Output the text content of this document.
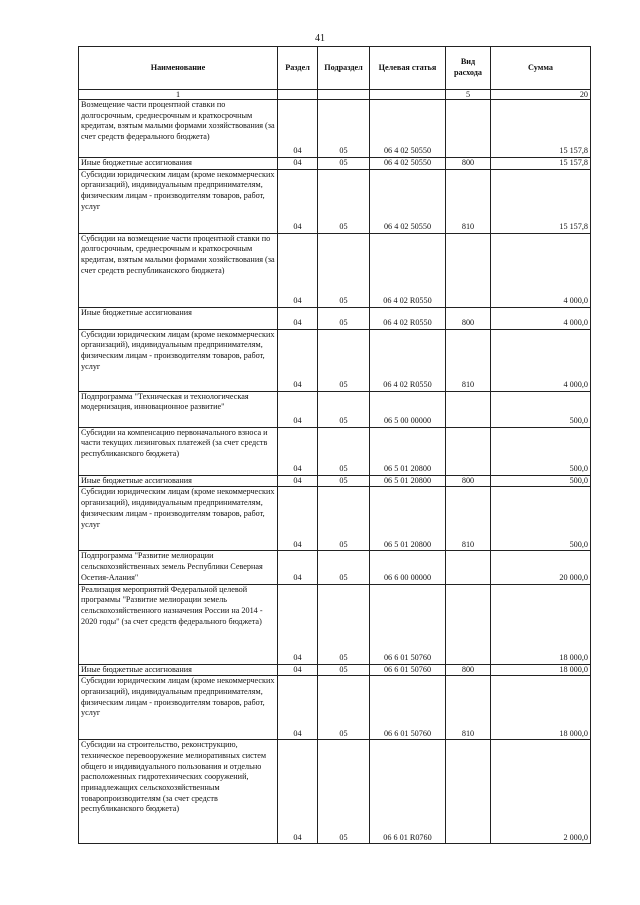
41
Наименование	Раздел	Подраздел	Целевая статья	Вид расхода	Сумма
1				5	20
Возмещение части процентной ставки по долгосрочным, среднесрочным и краткосрочным кредитам, взятым малыми формами хозяйствования (за счет средств федерального бюджета)	04	05	06 4 02 50550		15 157,8
Иные бюджетные ассигнования	04	05	06 4 02 50550	800	15 157,8
Субсидии юридическим лицам (кроме некоммерческих организаций), индивидуальным предпринимателям, физическим лицам - производителям товаров, работ, услуг	04	05	06 4 02 50550	810	15 157,8
Субсидии на возмещение части процентной ставки по долгосрочным, среднесрочным и краткосрочным кредитам, взятым малыми формами хозяйствования (за счет средств республиканского бюджета)	04	05	06 4 02 R0550		4 000,0
Иные бюджетные ассигнования	04	05	06 4 02 R0550	800	4 000,0
Субсидии юридическим лицам (кроме некоммерческих организаций), индивидуальным предпринимателям, физическим лицам - производителям товаров, работ, услуг	04	05	06 4 02 R0550	810	4 000,0
Подпрограмма "Техническая и технологическая модернизация, инновационное развитие"	04	05	06 5 00 00000		500,0
Субсидии на компенсацию первоначального взноса и части текущих лизинговых платежей (за счет средств республиканского бюджета)	04	05	06 5 01 20800		500,0
Иные бюджетные ассигнования	04	05	06 5 01 20800	800	500,0
Субсидии юридическим лицам (кроме некоммерческих организаций), индивидуальным предпринимателям, физическим лицам - производителям товаров, работ, услуг	04	05	06 5 01 20800	810	500,0
Подпрограмма "Развитие мелиорации сельскохозяйственных земель Республики Северная Осетия-Алания"	04	05	06 6 00 00000		20 000,0
Реализация мероприятий Федеральной целевой программы "Развитие мелиорации земель сельскохозяйственного назначения России на 2014 - 2020 годы" (за счет средств федерального бюджета)	04	05	06 6 01 50760		18 000,0
Иные бюджетные ассигнования	04	05	06 6 01 50760	800	18 000,0
Субсидии юридическим лицам (кроме некоммерческих организаций), индивидуальным предпринимателям, физическим лицам - производителям товаров, работ, услуг	04	05	06 6 01 50760	810	18 000,0
Субсидии на строительство, реконструкцию, техническое перевооружение мелиоративных систем общего и индивидуального пользования и отдельно расположенных гидротехнических сооружений, принадлежащих сельскохозяйственным товаропроизводителям (за счет средств республиканского бюджета)	04	05	06 6 01 R0760		2 000,0
